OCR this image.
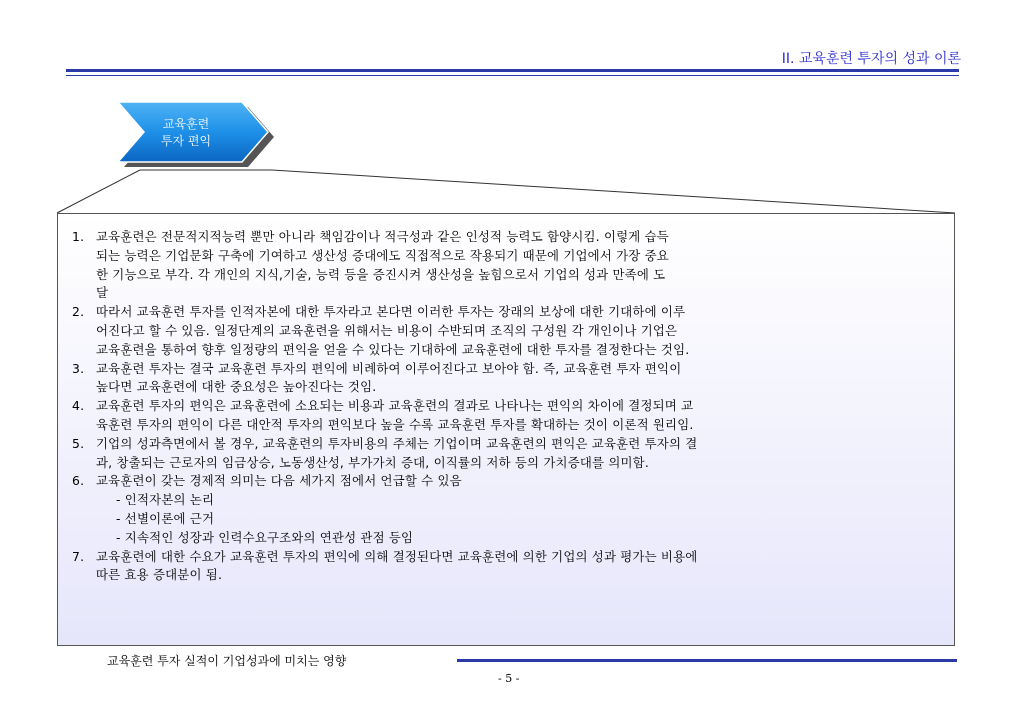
II. 교육훈련 투자의 성과 이론
교육훈련
투자 편익
1. 교육훈련은 전문적지적능력 뿐만 아니라 책임감이나 적극성과 같은 인성적 능력도 함양시킴. 이렇게 습득
되는 능력은 기업문화 구축에 기여하고 생산성 증대에도 직접적으로 작용되기 때문에 기업에서 가장 중요
한 기능으로 부각. 각 개인의 지식,기술, 능력 등을 증진시켜 생산성을 높힘으로서 기업의 성과 만족에 도
달
2. 따라서 교육훈련 투자를 인적자본에 대한 투자라고 본다면 이러한 투자는 장래의 보상에 대한 기대하에 이루
어진다고 할 수 있음. 일정단계의 교육훈련을 위해서는 비용이 수반되며 조직의 구성원 각 개인이나 기업은
교육훈련을 통하여 향후 일정량의 편익을 얻을 수 있다는 기대하에 교육훈련에 대한 투자를 결정한다는 것임.
3. 교육훈련 투자는 결국 교육훈련 투자의 편익에 비례하여 이루어진다고 보아야 함. 즉, 교육훈련 투자 편익이
높다면 교육훈련에 대한 중요성은 높아진다는 것임.
4. 교육훈련 투자의 편익은 교육훈련에 소요되는 비용과 교육훈련의 결과로 나타나는 편익의 차이에 결정되며 교
육훈련 투자의 편익이 다른 대안적 투자의 편익보다 높을 수록 교육훈련 투자를 확대하는 것이 이론적 원리임.
5. 기업의 성과측면에서 볼 경우, 교육훈련의 투자비용의 주체는 기업이며 교육훈련의 편익은 교육훈련 투자의 결
과, 창출되는 근로자의 임금상승, 노동생산성, 부가가치 증대, 이직률의 저하 등의 가치증대를 의미함.
6. 교육훈련이 갖는 경제적 의미는 다음 세가지 점에서 언급할 수 있음
- 인적자본의 논리
- 선별이론에 근거
- 지속적인 성장과 인력수요구조와의 연관성 관점 등임
7. 교육훈련에 대한 수요가 교육훈련 투자의 편익에 의해 결정된다면 교육훈련에 의한 기업의 성과 평가는 비용에
따른 효용 증대분이 됨.
교육훈련 투자 실적이 기업성과에 미치는 영향
- 5 -
